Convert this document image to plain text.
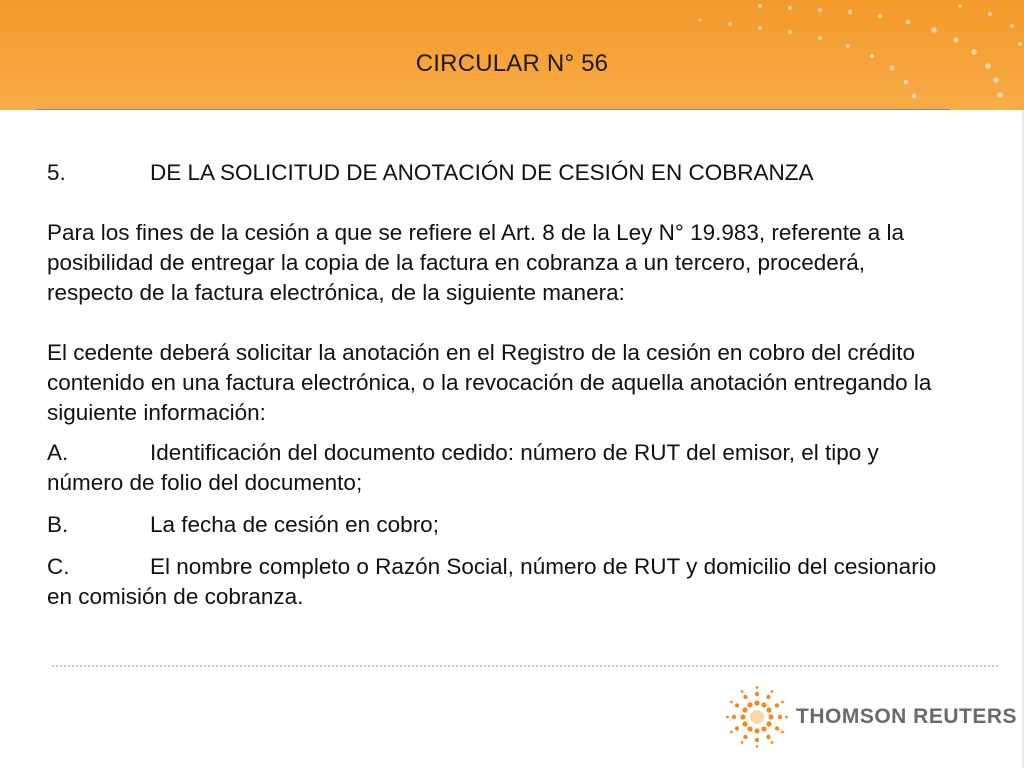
CIRCULAR N° 56
5.	DE LA SOLICITUD DE ANOTACIÓN DE CESIÓN EN COBRANZA

Para los fines de la cesión a que se refiere el Art. 8 de la Ley N° 19.983, referente a la posibilidad de entregar la copia de la factura en cobranza a un tercero, procederá, respecto de la factura electrónica, de la siguiente manera:

El cedente deberá solicitar la anotación en el Registro de la cesión en cobro del crédito contenido en una factura electrónica, o la revocación de aquella anotación entregando la siguiente información:

A.	Identificación del documento cedido: número de RUT del emisor, el tipo y número de folio del documento;

B.	La fecha de cesión en cobro;

C.	El nombre completo o Razón Social, número de RUT y domicilio del cesionario en comisión de cobranza.

THOMSON REUTERS
